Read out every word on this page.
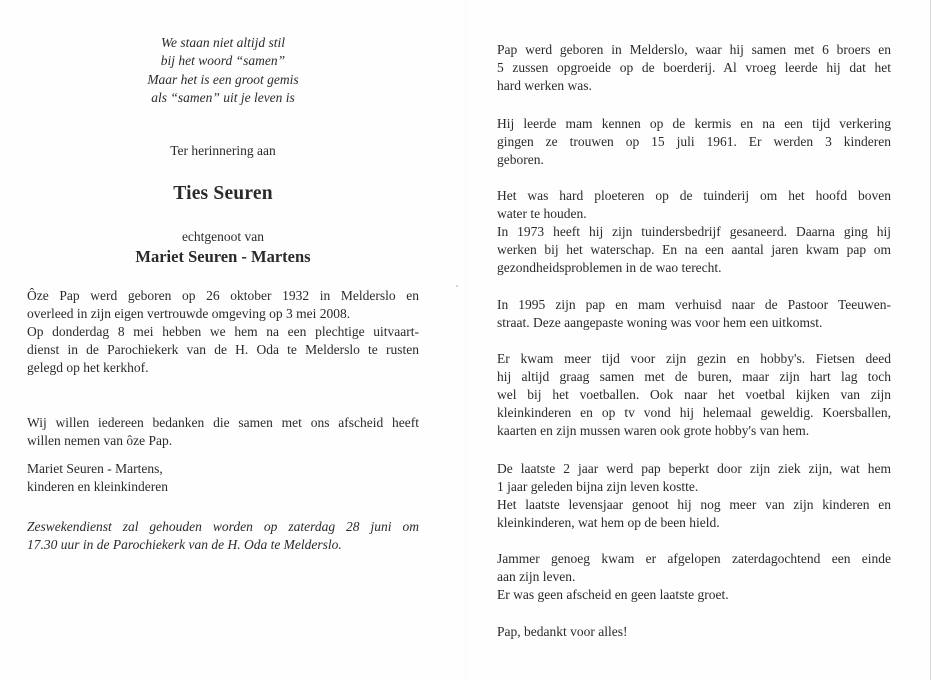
We staan niet altijd stil
bij het woord “samen”
Maar het is een groot gemis
als “samen” uit je leven is
Ter herinnering aan
Ties Seuren
echtgenoot van
Mariet Seuren - Martens
Ôze Pap werd geboren op 26 oktober 1932 in Melderslo en
overleed in zijn eigen vertrouwde omgeving op 3 mei 2008.
Op donderdag 8 mei hebben we hem na een plechtige uitvaart-
dienst in de Parochiekerk van de H. Oda te Melderslo te rusten
gelegd op het kerkhof.
Wij willen iedereen bedanken die samen met ons afscheid heeft
willen nemen van ôze Pap.
Mariet Seuren - Martens,
kinderen en kleinkinderen
Zeswekendienst zal gehouden worden op zaterdag 28 juni om
17.30 uur in de Parochiekerk van de H. Oda te Melderslo.
Pap werd geboren in Melderslo, waar hij samen met 6 broers en
5 zussen opgroeide op de boerderij. Al vroeg leerde hij dat het
hard werken was.
Hij leerde mam kennen op de kermis en na een tijd verkering
gingen ze trouwen op 15 juli 1961. Er werden 3 kinderen
geboren.
Het was hard ploeteren op de tuinderij om het hoofd boven
water te houden.
In 1973 heeft hij zijn tuindersbedrijf gesaneerd. Daarna ging hij
werken bij het waterschap. En na een aantal jaren kwam pap om
gezondheidsproblemen in de wao terecht.
In 1995 zijn pap en mam verhuisd naar de Pastoor Teeuwen-
straat. Deze aangepaste woning was voor hem een uitkomst.
Er kwam meer tijd voor zijn gezin en hobby's. Fietsen deed
hij altijd graag samen met de buren, maar zijn hart lag toch
wel bij het voetballen. Ook naar het voetbal kijken van zijn
kleinkinderen en op tv vond hij helemaal geweldig. Koersballen,
kaarten en zijn mussen waren ook grote hobby's van hem.
De laatste 2 jaar werd pap beperkt door zijn ziek zijn, wat hem
1 jaar geleden bijna zijn leven kostte.
Het laatste levensjaar genoot hij nog meer van zijn kinderen en
kleinkinderen, wat hem op de been hield.
Jammer genoeg kwam er afgelopen zaterdagochtend een einde
aan zijn leven.
Er was geen afscheid en geen laatste groet.
Pap, bedankt voor alles!
